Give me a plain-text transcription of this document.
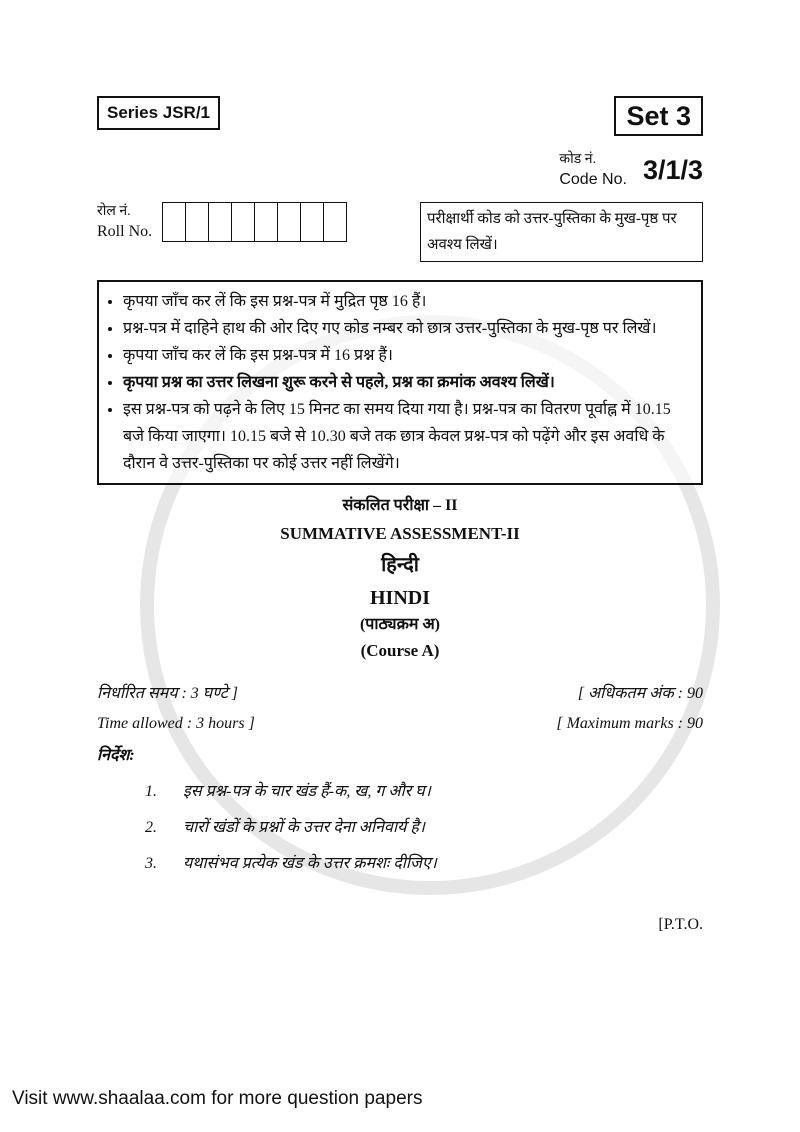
Series JSR/1	Set 3
कोड नं.
Code No. 3/1/3
रोल नं.
Roll No.
परीक्षार्थी कोड को उत्तर-पुस्तिका के मुख-पृष्ठ पर अवश्य लिखें।
• कृपया जाँच कर लें कि इस प्रश्न-पत्र में मुद्रित पृष्ठ 16 हैं।
• प्रश्न-पत्र में दाहिने हाथ की ओर दिए गए कोड नम्बर को छात्र उत्तर-पुस्तिका के मुख-पृष्ठ पर लिखें।
• कृपया जाँच कर लें कि इस प्रश्न-पत्र में 16 प्रश्न हैं।
• कृपया प्रश्न का उत्तर लिखना शुरू करने से पहले, प्रश्न का क्रमांक अवश्य लिखें।
• इस प्रश्न-पत्र को पढ़ने के लिए 15 मिनट का समय दिया गया है। प्रश्न-पत्र का वितरण पूर्वाह्न में 10.15 बजे किया जाएगा। 10.15 बजे से 10.30 बजे तक छात्र केवल प्रश्न-पत्र को पढ़ेंगे और इस अवधि के दौरान वे उत्तर-पुस्तिका पर कोई उत्तर नहीं लिखेंगे।
संकलित परीक्षा – II
SUMMATIVE ASSESSMENT-II
हिन्दी
HINDI
(पाठ्यक्रम अ)
(Course A)
निर्धारित समय : 3 घण्टे ]	[ अधिकतम अंक : 90
Time allowed : 3 hours ]	[ Maximum marks : 90
निर्देश:
1.	इस प्रश्न-पत्र के चार खंड हैं-क, ख, ग और घ।
2.	चारों खंडों के प्रश्नों के उत्तर देना अनिवार्य है।
3.	यथासंभव प्रत्येक खंड के उत्तर क्रमशः दीजिए।
[P.T.O.
Visit www.shaalaa.com for more question papers
